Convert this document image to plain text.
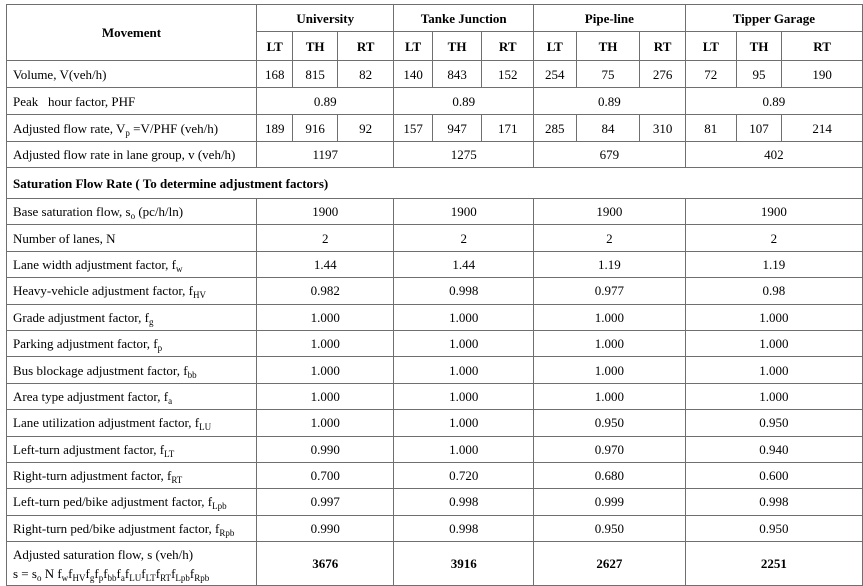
Movement	University			Tanke Junction			Pipe-line			Tipper Garage		
	LT	TH	RT	LT	TH	RT	LT	TH	RT	LT	TH	RT
Volume, V(veh/h)	168	815	82	140	843	152	254	75	276	72	95	190
Peak   hour factor, PHF	0.89			0.89			0.89			0.89		
Adjusted flow rate, $V_p =V/PHF$ (veh/h)	189	916	92	157	947	171	285	84	310	81	107	214
Adjusted flow rate in lane group, v (veh/h)	1197			1275			679			402		
Saturation Flow Rate ( To determine adjustment factors)												
Base saturation flow, $s_o$ (pc/h/ln)	1900			1900			1900			1900		
Number of lanes, N	2			2			2			2		
Lane width adjustment factor, $f_w$	1.44			1.44			1.19			1.19		
Heavy-vehicle adjustment factor, $f_{HV}$	0.982			0.998			0.977			0.98		
Grade adjustment factor, $f_g$	1.000			1.000			1.000			1.000		
Parking adjustment factor, $f_p$	1.000			1.000			1.000			1.000		
Bus blockage adjustment factor, $f_{bb}$	1.000			1.000			1.000			1.000		
Area type adjustment factor, $f_a$	1.000			1.000			1.000			1.000		
Lane utilization adjustment factor, $f_{LU}$	1.000			1.000			0.950			0.950		
Left-turn adjustment factor, $f_{LT}$	0.990			1.000			0.970			0.940		
Right-turn adjustment factor, $f_{RT}$	0.700			0.720			0.680			0.600		
Left-turn ped/bike adjustment factor, $f_{Lpb}$	0.997			0.998			0.999			0.998		
Right-turn ped/bike adjustment factor, $f_{Rpb}$	0.990			0.998			0.950			0.950		

Adjusted saturation flow, s (veh/h)
$s = s_o$ N $f_wf_{HV}f_gf_pf_{bb}f_af_{LU}f_{LT}f_{RT}f_{Lpb}f_{Rpb}$	3676			3916			2627			2251		
